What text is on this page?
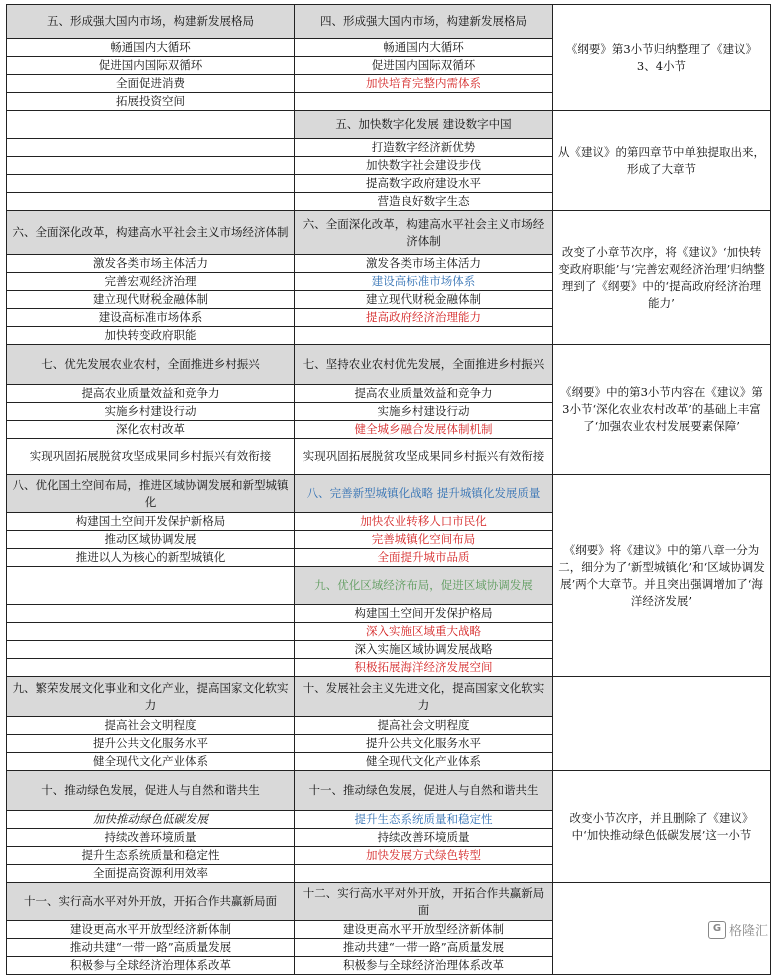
五、形成强大国内市场，构建新发展格局	四、形成强大国内市场，构建新发展格局	《纲要》第3小节归纳整理了《建议》3、4小节
畅通国内大循环	畅通国内大循环	
促进国内国际双循环	促进国内国际双循环	
全面促进消费	加快培育完整内需体系	
拓展投资空间		
	五、加快数字化发展 建设数字中国	从《建议》的第四章节中单独提取出来，形成了大章节
	打造数字经济新优势	
	加快数字社会建设步伐	
	提高数字政府建设水平	
	营造良好数字生态	
六、全面深化改革，构建高水平社会主义市场经济体制	六、全面深化改革，构建高水平社会主义市场经济体制	改变了小章节次序，将《建议》‘加快转变政府职能’与‘完善宏观经济治理’归纳整理到了《纲要》中的‘提高政府经济治理能力’
激发各类市场主体活力	激发各类市场主体活力	
完善宏观经济治理	建设高标准市场体系	
建立现代财税金融体制	建立现代财税金融体制	
建设高标准市场体系	提高政府经济治理能力	
加快转变政府职能		
七、优先发展农业农村，全面推进乡村振兴	七、坚持农业农村优先发展，全面推进乡村振兴	《纲要》中的第3小节内容在《建议》第3小节‘深化农业农村改革’的基础上丰富了‘加强农业农村发展要素保障’
提高农业质量效益和竞争力	提高农业质量效益和竞争力	
实施乡村建设行动	实施乡村建设行动	
深化农村改革	健全城乡融合发展体制机制	
实现巩固拓展脱贫攻坚成果同乡村振兴有效衔接	实现巩固拓展脱贫攻坚成果同乡村振兴有效衔接	
八、优化国土空间布局，推进区域协调发展和新型城镇化	八、完善新型城镇化战略 提升城镇化发展质量	《纲要》将《建议》中的第八章一分为二，细分为了‘新型城镇化’和‘区域协调发展’两个大章节。并且突出强调增加了‘海洋经济发展’
构建国土空间开发保护新格局	加快农业转移人口市民化	
推动区域协调发展	完善城镇化空间布局	
推进以人为核心的新型城镇化	全面提升城市品质	
	九、优化区域经济布局，促进区域协调发展	
	构建国土空间开发保护格局	
	深入实施区域重大战略	
	深入实施区域协调发展战略	
	积极拓展海洋经济发展空间	
九、繁荣发展文化事业和文化产业，提高国家文化软实力	十、发展社会主义先进文化，提高国家文化软实力	
提高社会文明程度	提高社会文明程度	
提升公共文化服务水平	提升公共文化服务水平	
健全现代文化产业体系	健全现代文化产业体系	
十、推动绿色发展，促进人与自然和谐共生	十一、推动绿色发展，促进人与自然和谐共生	改变小节次序，并且删除了《建议》中‘加快推动绿色低碳发展’这一小节
加快推动绿色低碳发展	提升生态系统质量和稳定性	
持续改善环境质量	持续改善环境质量	
提升生态系统质量和稳定性	加快发展方式绿色转型	
全面提高资源利用效率		
十一、实行高水平对外开放，开拓合作共赢新局面	十二、实行高水平对外开放，开拓合作共赢新局面	
建设更高水平开放型经济新体制	建设更高水平开放型经济新体制	
推动共建“一带一路”高质量发展	推动共建“一带一路”高质量发展	
积极参与全球经济治理体系改革	积极参与全球经济治理体系改革	
G 格隆汇
